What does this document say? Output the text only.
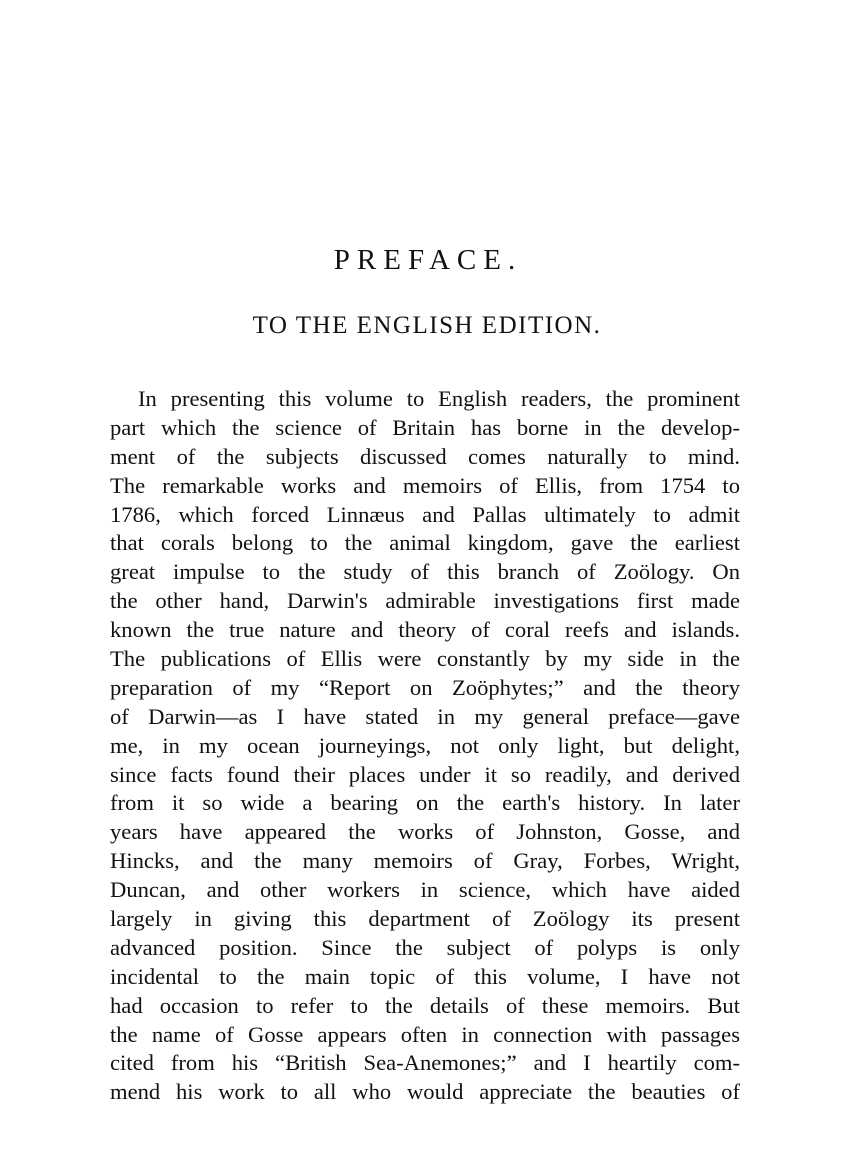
PREFACE.
TO THE ENGLISH EDITION.
In presenting this volume to English readers, the prominent
part which the science of Britain has borne in the develop-
ment of the subjects discussed comes naturally to mind.
The remarkable works and memoirs of Ellis, from 1754 to
1786, which forced Linnæus and Pallas ultimately to admit
that corals belong to the animal kingdom, gave the earliest
great impulse to the study of this branch of Zoölogy. On
the other hand, Darwin's admirable investigations first made
known the true nature and theory of coral reefs and islands.
The publications of Ellis were constantly by my side in the
preparation of my “Report on Zoöphytes;” and the theory
of Darwin—as I have stated in my general preface—gave
me, in my ocean journeyings, not only light, but delight,
since facts found their places under it so readily, and derived
from it so wide a bearing on the earth's history. In later
years have appeared the works of Johnston, Gosse, and
Hincks, and the many memoirs of Gray, Forbes, Wright,
Duncan, and other workers in science, which have aided
largely in giving this department of Zoölogy its present
advanced position. Since the subject of polyps is only
incidental to the main topic of this volume, I have not
had occasion to refer to the details of these memoirs. But
the name of Gosse appears often in connection with passages
cited from his “British Sea-Anemones;” and I heartily com-
mend his work to all who would appreciate the beauties of
